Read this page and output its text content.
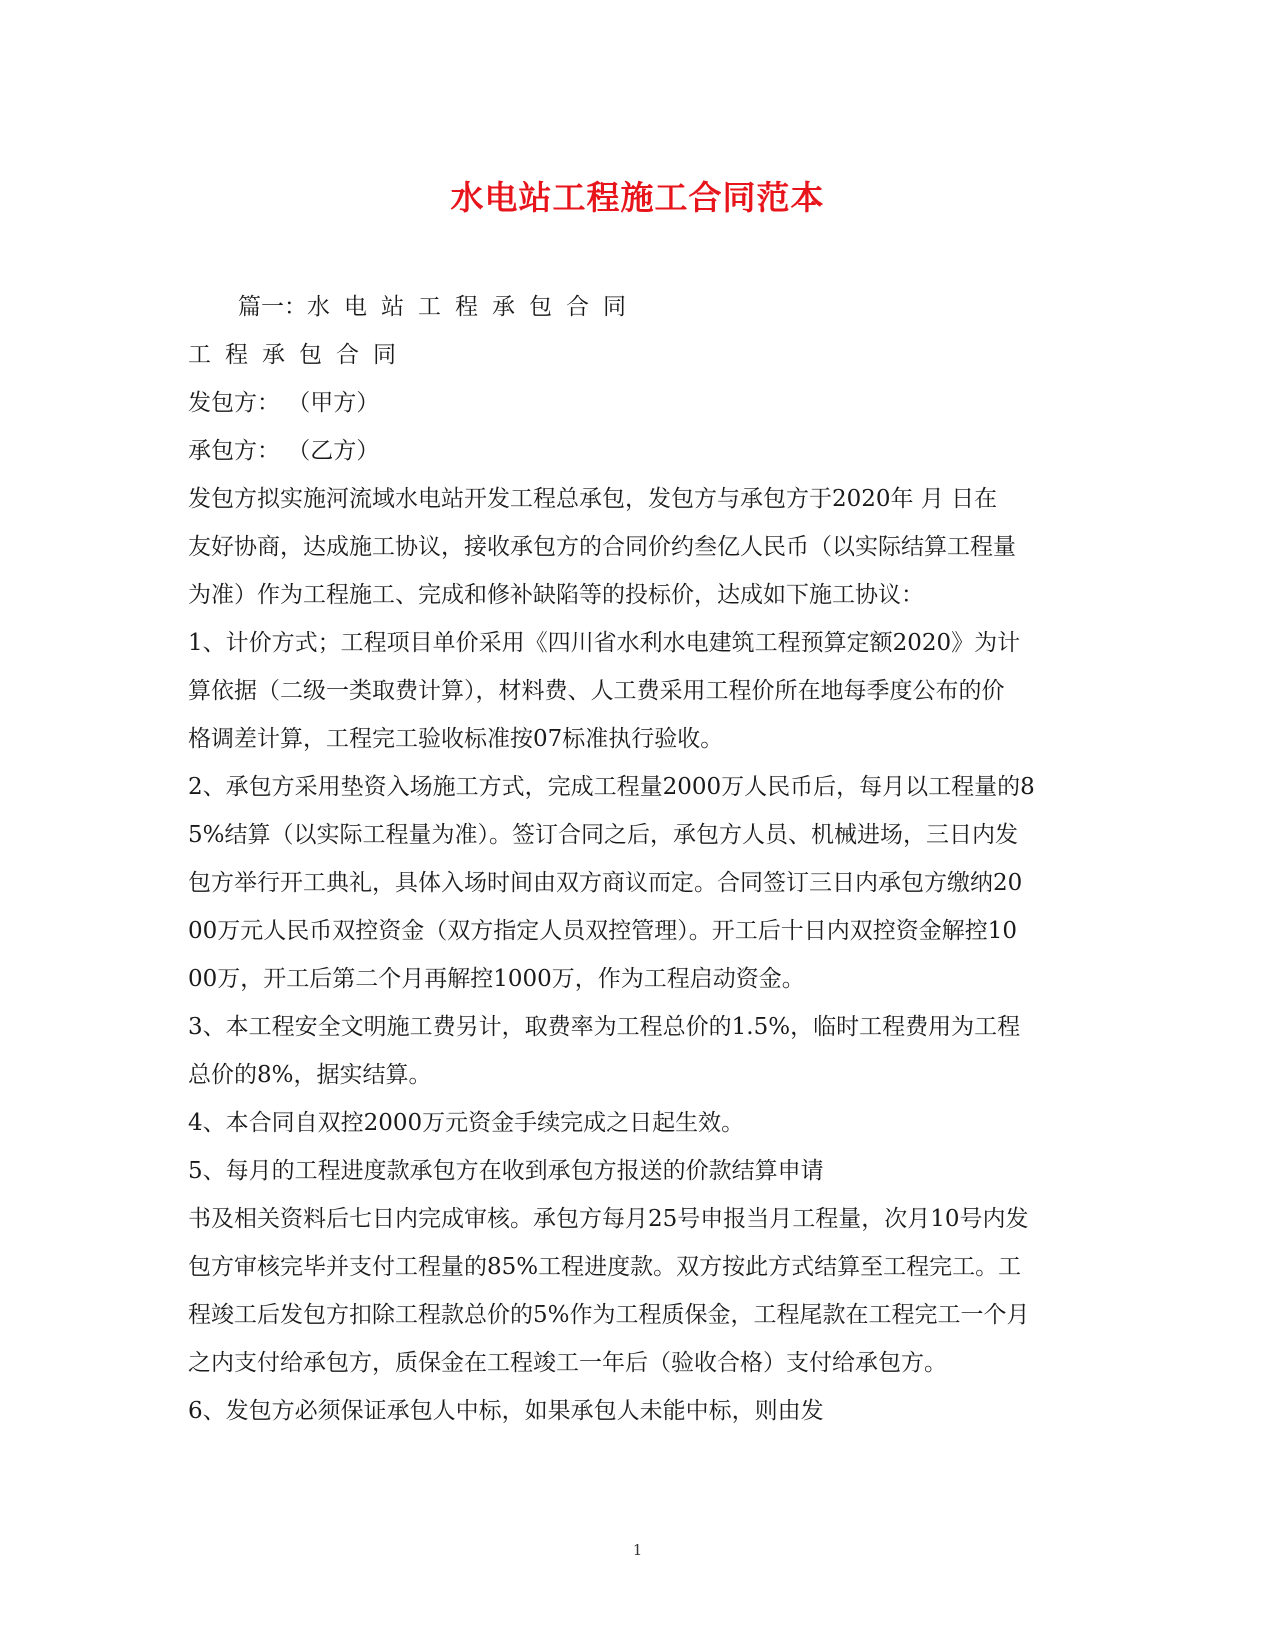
水电站工程施工合同范本

篇一：水电站工程承包合同

工程承包合同

发包方： （甲方）

承包方： （乙方）

发包方拟实施河流域水电站开发工程总承包，发包方与承包方于2020年 月 日在

友好协商，达成施工协议，接收承包方的合同价约叁亿人民币（以实际结算工程量

为准）作为工程施工、完成和修补缺陷等的投标价，达成如下施工协议：

1、计价方式；工程项目单价采用《四川省水利水电建筑工程预算定额2020》为计

算依据（二级一类取费计算），材料费、人工费采用工程价所在地每季度公布的价

格调差计算，工程完工验收标准按07标准执行验收。

2、承包方采用垫资入场施工方式，完成工程量2000万人民币后，每月以工程量的8

5%结算（以实际工程量为准）。签订合同之后，承包方人员、机械进场，三日内发

包方举行开工典礼，具体入场时间由双方商议而定。合同签订三日内承包方缴纳20

00万元人民币双控资金（双方指定人员双控管理）。开工后十日内双控资金解控10

00万，开工后第二个月再解控1000万，作为工程启动资金。

3、本工程安全文明施工费另计，取费率为工程总价的1.5%，临时工程费用为工程

总价的8%，据实结算。

4、本合同自双控2000万元资金手续完成之日起生效。

5、每月的工程进度款承包方在收到承包方报送的价款结算申请

书及相关资料后七日内完成审核。承包方每月25号申报当月工程量，次月10号内发

包方审核完毕并支付工程量的85%工程进度款。双方按此方式结算至工程完工。工

程竣工后发包方扣除工程款总价的5%作为工程质保金，工程尾款在工程完工一个月

之内支付给承包方，质保金在工程竣工一年后（验收合格）支付给承包方。

6、发包方必须保证承包人中标，如果承包人未能中标，则由发

1
